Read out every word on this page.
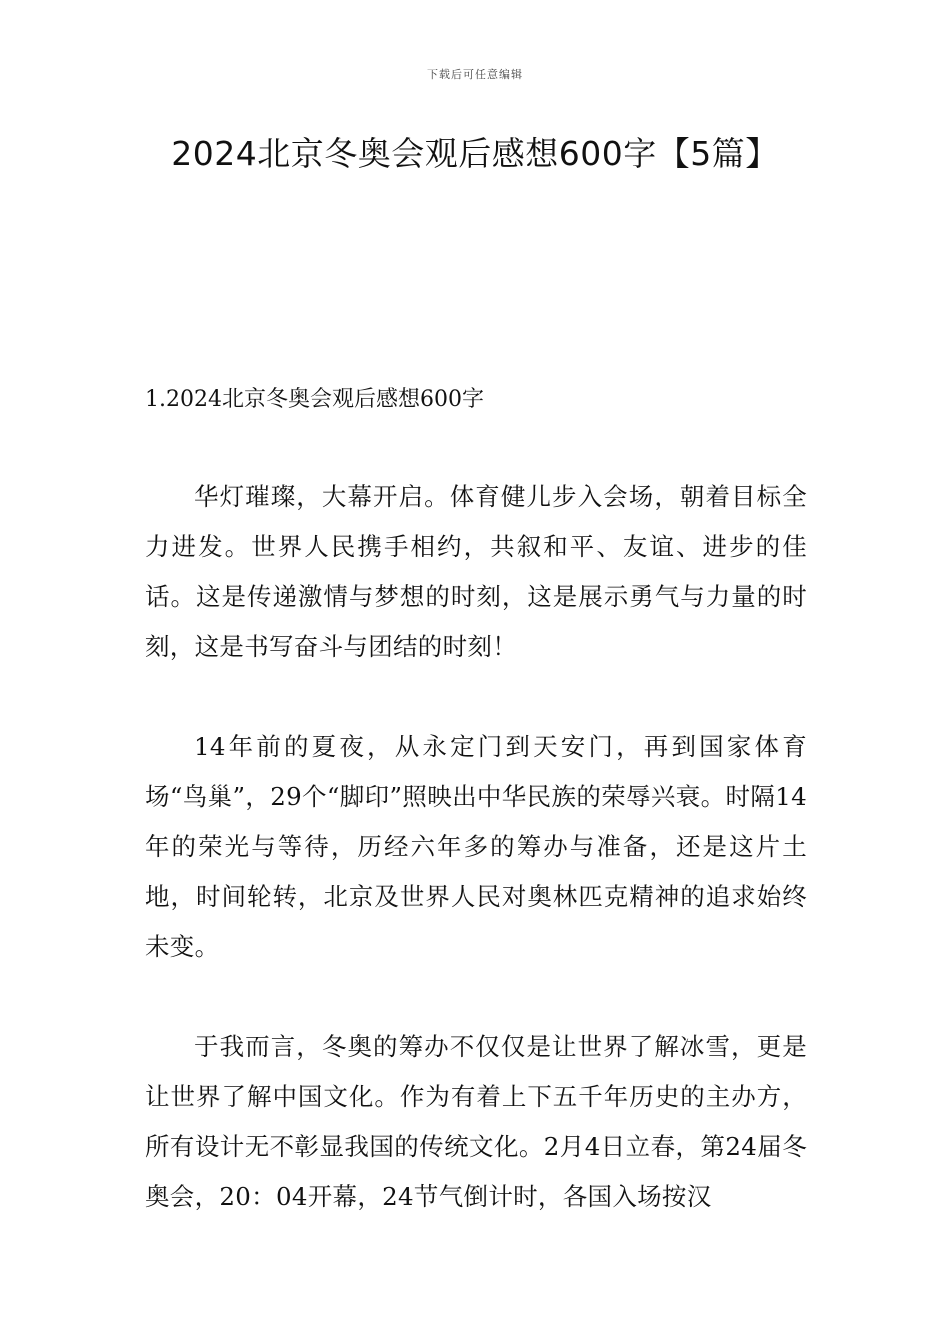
下载后可任意编辑
2024北京冬奥会观后感想600字【5篇】
1.2024北京冬奥会观后感想600字

华灯璀璨，大幕开启。体育健儿步入会场，朝着目标全力进发。世界人民携手相约，共叙和平、友谊、进步的佳话。这是传递激情与梦想的时刻，这是展示勇气与力量的时刻，这是书写奋斗与团结的时刻！

14年前的夏夜，从永定门到天安门，再到国家体育场“鸟巢”，29个“脚印”照映出中华民族的荣辱兴衰。时隔14年的荣光与等待，历经六年多的筹办与准备，还是这片土地，时间轮转，北京及世界人民对奥林匹克精神的追求始终未变。

于我而言，冬奥的筹办不仅仅是让世界了解冰雪，更是让世界了解中国文化。作为有着上下五千年历史的主办方，所有设计无不彰显我国的传统文化。2月4日立春，第24届冬奥会，20：04开幕，24节气倒计时，各国入场按汉
